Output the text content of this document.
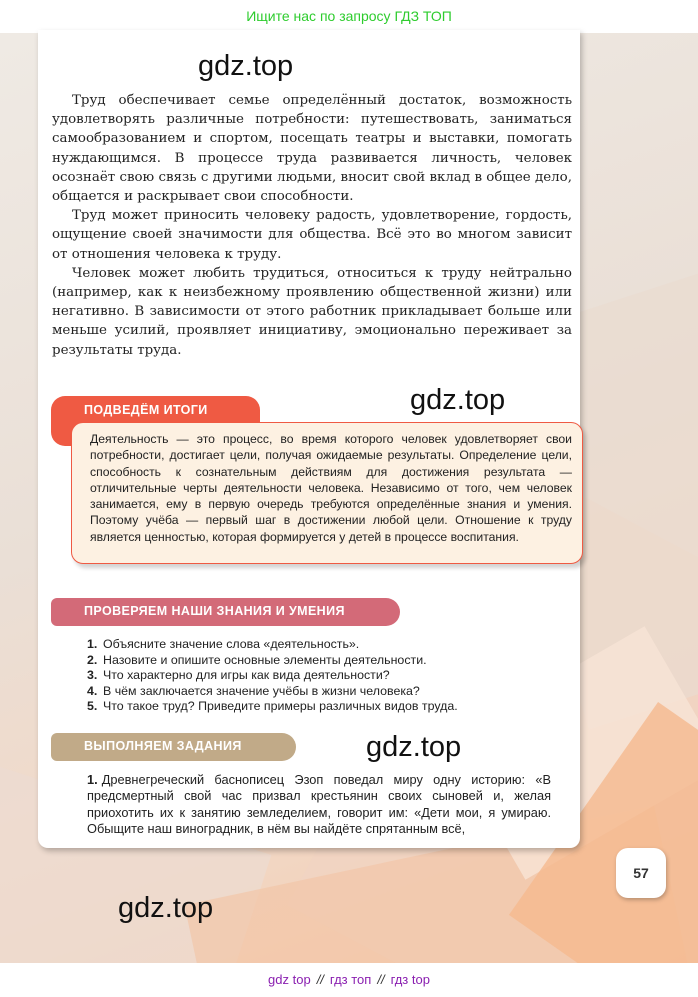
Ищите нас по запросу ГДЗ ТОП
gdz.top

Труд обеспечивает семье определённый достаток, возможность удовлетворять различные потребности: путешествовать, заниматься самообразованием и спортом, посещать театры и выставки, помогать нуждающимся. В процессе труда развивается личность, человек осознаёт свою связь с другими людьми, вносит свой вклад в общее дело, общается и раскрывает свои способности.

Труд может приносить человеку радость, удовлетворение, гордость, ощущение своей значимости для общества. Всё это во многом зависит от отношения человека к труду.

Человек может любить трудиться, относиться к труду нейтрально (например, как к неизбежному проявлению общественной жизни) или негативно. В зависимости от этого работник прикладывает больше или меньше усилий, проявляет инициативу, эмоционально переживает за результаты труда.

ПОДВЕДЁМ ИТОГИ	gdz.top
Деятельность — это процесс, во время которого человек удовлетворяет свои потребности, достигает цели, получая ожидаемые результаты. Определение цели, способность к сознательным действиям для достижения результата — отличительные черты деятельности человека. Независимо от того, чем человек занимается, ему в первую очередь требуются определённые знания и умения. Поэтому учёба — первый шаг в достижении любой цели. Отношение к труду является ценностью, которая формируется у детей в процессе воспитания.
ПРОВЕРЯЕМ НАШИ ЗНАНИЯ И УМЕНИЯ
1. Объясните значение слова «деятельность».
2. Назовите и опишите основные элементы деятельности.
3. Что характерно для игры как вида деятельности?
4. В чём заключается значение учёбы в жизни человека?
5. Что такое труд? Приведите примеры различных видов труда.
ВЫПОЛНЯЕМ ЗАДАНИЯ	gdz.top
1. Древнегреческий баснописец Эзоп поведал миру одну историю: «В предсмертный свой час призвал крестьянин своих сыновей и, желая приохотить их к занятию земледелием, говорит им: «Дети мои, я умираю. Обыщите наш виноградник, в нём вы найдёте спрятанным всё,
57
gdz.top
gdz top // гдз топ // гдз top
